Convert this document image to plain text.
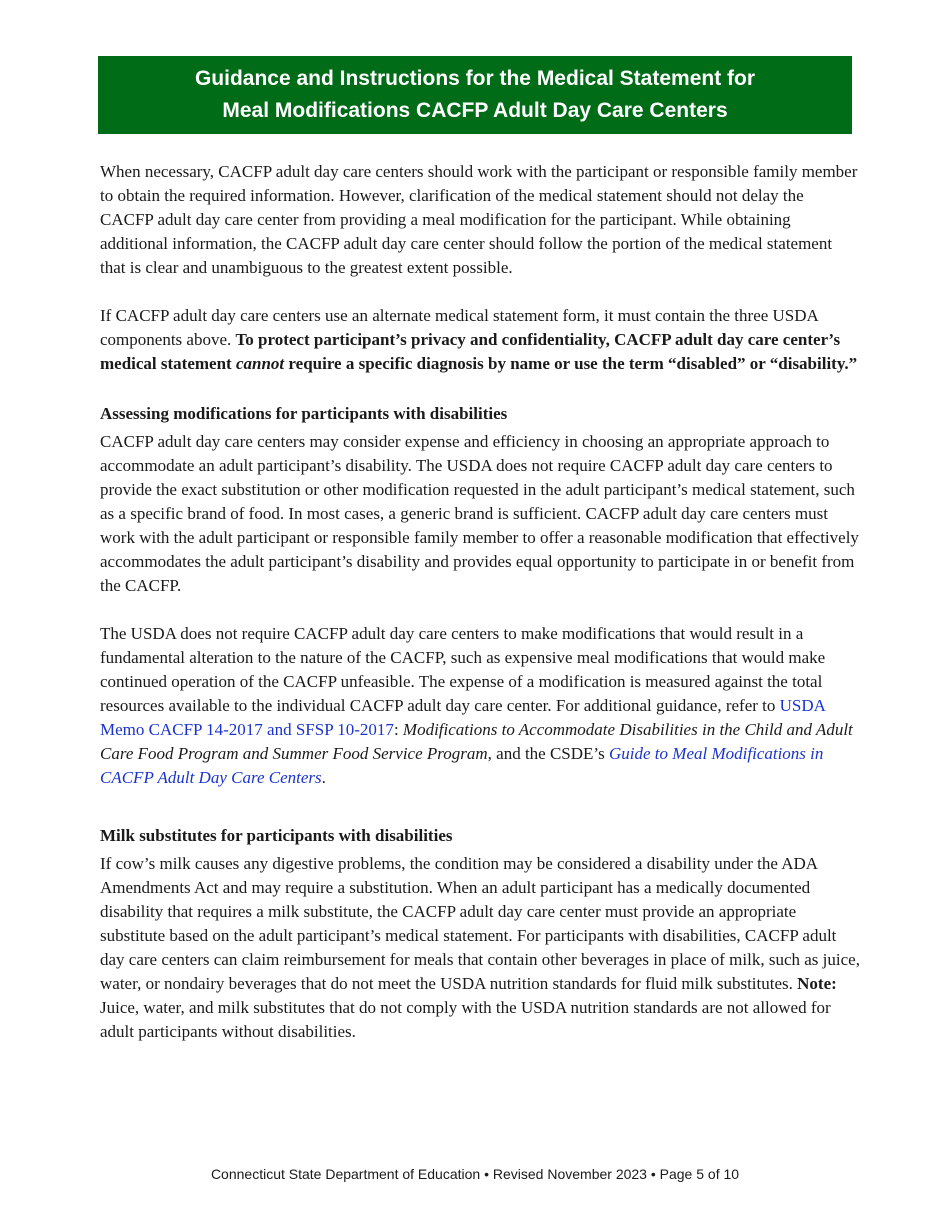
Guidance and Instructions for the Medical Statement for
Meal Modifications CACFP Adult Day Care Centers

When necessary, CACFP adult day care centers should work with the participant or responsible family member to obtain the required information. However, clarification of the medical statement should not delay the CACFP adult day care center from providing a meal modification for the participant. While obtaining additional information, the CACFP adult day care center should follow the portion of the medical statement that is clear and unambiguous to the greatest extent possible.

If CACFP adult day care centers use an alternate medical statement form, it must contain the three USDA components above. To protect participant’s privacy and confidentiality, CACFP adult day care center’s medical statement cannot require a specific diagnosis by name or use the term “disabled” or “disability.”

Assessing modifications for participants with disabilities

CACFP adult day care centers may consider expense and efficiency in choosing an appropriate approach to accommodate an adult participant’s disability. The USDA does not require CACFP adult day care centers to provide the exact substitution or other modification requested in the adult participant’s medical statement, such as a specific brand of food. In most cases, a generic brand is sufficient. CACFP adult day care centers must work with the adult participant or responsible family member to offer a reasonable modification that effectively accommodates the adult participant’s disability and provides equal opportunity to participate in or benefit from the CACFP.

The USDA does not require CACFP adult day care centers to make modifications that would result in a fundamental alteration to the nature of the CACFP, such as expensive meal modifications that would make continued operation of the CACFP unfeasible. The expense of a modification is measured against the total resources available to the individual CACFP adult day care center. For additional guidance, refer to USDA Memo CACFP 14-2017 and SFSP 10-2017: Modifications to Accommodate Disabilities in the Child and Adult Care Food Program and Summer Food Service Program, and the CSDE’s Guide to Meal Modifications in CACFP Adult Day Care Centers.

Milk substitutes for participants with disabilities

If cow’s milk causes any digestive problems, the condition may be considered a disability under the ADA Amendments Act and may require a substitution. When an adult participant has a medically documented disability that requires a milk substitute, the CACFP adult day care center must provide an appropriate substitute based on the adult participant’s medical statement. For participants with disabilities, CACFP adult day care centers can claim reimbursement for meals that contain other beverages in place of milk, such as juice, water, or nondairy beverages that do not meet the USDA nutrition standards for fluid milk substitutes. Note: Juice, water, and milk substitutes that do not comply with the USDA nutrition standards are not allowed for adult participants without disabilities.

Connecticut State Department of Education • Revised November 2023 • Page 5 of 10
